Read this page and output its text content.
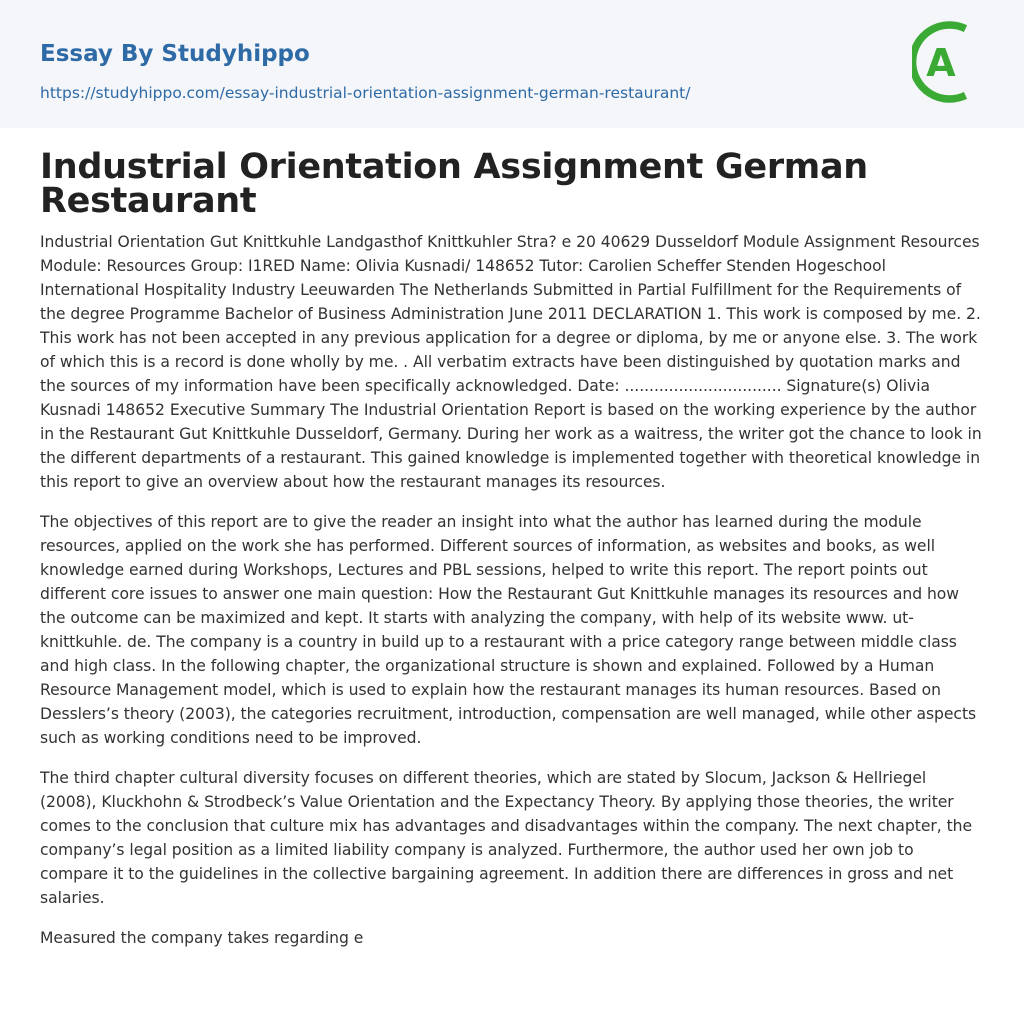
Essay By Studyhippo
https://studyhippo.com/essay-industrial-orientation-assignment-german-restaurant/
A
Industrial Orientation Assignment German Restaurant

Industrial Orientation Gut Knittkuhle Landgasthof Knittkuhler Stra? e 20 40629 Dusseldorf Module Assignment Resources Module: Resources Group: I1RED Name: Olivia Kusnadi/ 148652 Tutor: Carolien Scheffer Stenden Hogeschool International Hospitality Industry Leeuwarden The Netherlands Submitted in Partial Fulfillment for the Requirements of the degree Programme Bachelor of Business Administration June 2011 DECLARATION 1. This work is composed by me. 2. This work has not been accepted in any previous application for a degree or diploma, by me or anyone else. 3. The work of which this is a record is done wholly by me. . All verbatim extracts have been distinguished by quotation marks and the sources of my information have been specifically acknowledged. Date: ................................ Signature(s) Olivia Kusnadi 148652 Executive Summary The Industrial Orientation Report is based on the working experience by the author in the Restaurant Gut Knittkuhle Dusseldorf, Germany. During her work as a waitress, the writer got the chance to look in the different departments of a restaurant. This gained knowledge is implemented together with theoretical knowledge in this report to give an overview about how the restaurant manages its resources.

The objectives of this report are to give the reader an insight into what the author has learned during the module resources, applied on the work she has performed. Different sources of information, as websites and books, as well knowledge earned during Workshops, Lectures and PBL sessions, helped to write this report. The report points out different core issues to answer one main question: How the Restaurant Gut Knittkuhle manages its resources and how the outcome can be maximized and kept. It starts with analyzing the company, with help of its website www. ut-knittkuhle. de. The company is a country in build up to a restaurant with a price category range between middle class and high class. In the following chapter, the organizational structure is shown and explained. Followed by a Human Resource Management model, which is used to explain how the restaurant manages its human resources. Based on Desslers’s theory (2003), the categories recruitment, introduction, compensation are well managed, while other aspects such as working conditions need to be improved.

The third chapter cultural diversity focuses on different theories, which are stated by Slocum, Jackson & Hellriegel (2008), Kluckhohn & Strodbeck’s Value Orientation and the Expectancy Theory. By applying those theories, the writer comes to the conclusion that culture mix has advantages and disadvantages within the company. The next chapter, the company’s legal position as a limited liability company is analyzed. Furthermore, the author used her own job to compare it to the guidelines in the collective bargaining agreement. In addition there are differences in gross and net salaries.

Measured the company takes regarding e
